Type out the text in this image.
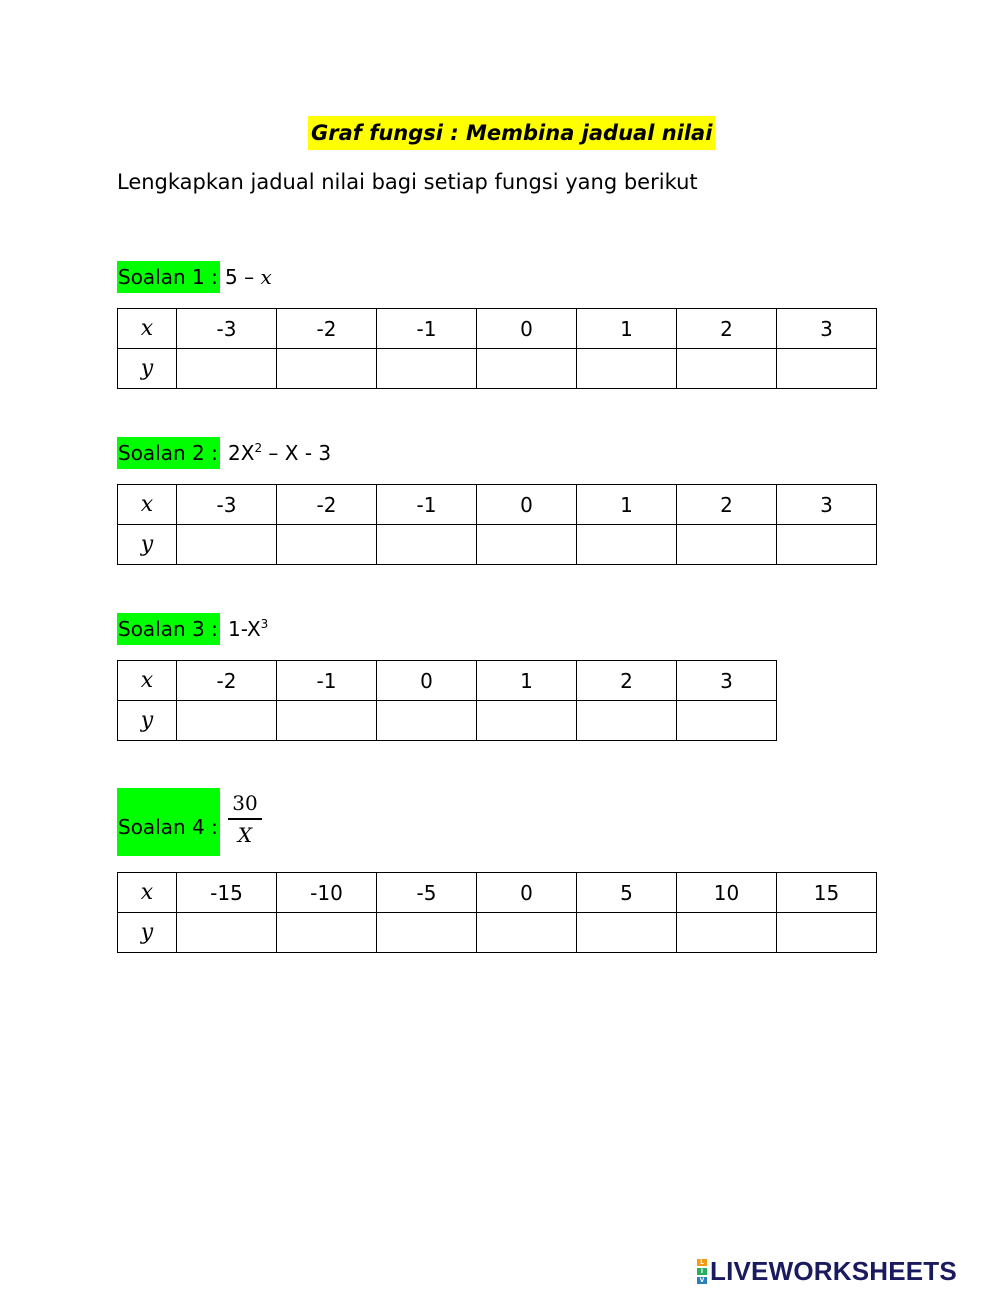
Graf fungsi : Membina jadual nilai
Lengkapkan jadual nilai bagi setiap fungsi yang berikut
Soalan 1 : 5 – 𝑥
𝑥	-3	-2	-1	0	1	2	3
𝑦							
Soalan 2 : $2X^2$ – X - 3
𝑥	-3	-2	-1	0	1	2	3
𝑦							
Soalan 3 : $1-X^3$
𝑥	-2	-1	0	1	2	3
𝑦						
Soalan 4 : $\frac{30}{X}$
𝑥	-15	-10	-5	0	5	10	15
𝑦							
L
I
V LIVEWORKSHEETS
